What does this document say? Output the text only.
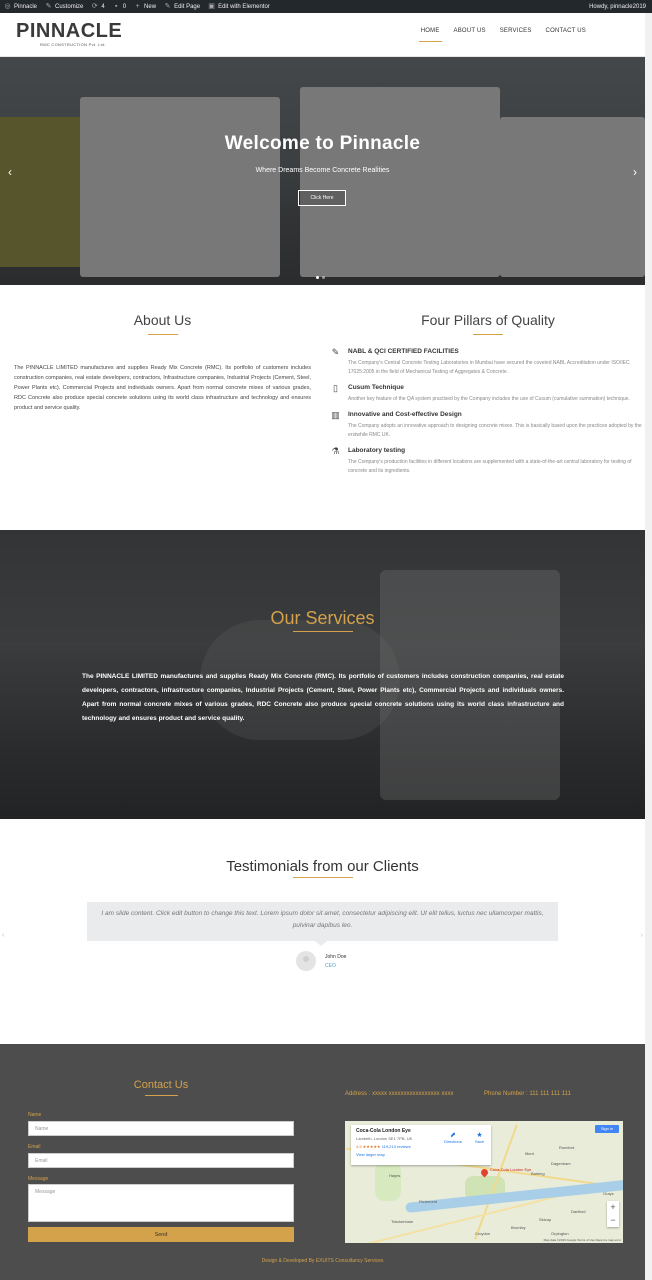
◎ Pinnacle ✎ Customize ⟳ 4	▪ 0 + New ✎ Edit Page ▣ Edit with Elementor	Howdy, pinnacle2019
PINNACLE
RMC CONSTRUCTION Pvt. Ltd.
HOME ABOUT US SERVICES CONTACT US
‹	›
Welcome to Pinnacle
Where Dreams Become Concrete Realities
Click Here
About Us
The PINNACLE LIMITED manufactures and supplies Ready Mix Concrete (RMC). Its portfolio of customers includes construction companies, real estate developers, contractors, Infrastructure companies, Industrial Projects (Cement, Steel, Power Plants etc), Commercial Projects and individuals owners. Apart from normal concrete mixes of various grades, RDC Concrete also produce special concrete solutions using its world class infrastructure and technology and ensures product and service quality.
Four Pillars of Quality
✎ NABL & QCI CERTIFIED FACILITIES
The Company's Central Concrete Testing Laboratories in Mumbai have secured the coveted NABL Accreditation under ISO/IEC 17025:2005 in the field of Mechanical Testing of Aggregates & Concrete.
▯	Cusum Technique
Another key feature of the QA system practised by the Company includes the use of Cusum (cumulative summation) technique.
▥ Innovative and Cost-effective Design
The Company adopts an innovative approach to designing concrete mixes. This is basically based upon the practices adopted by the erstwhile RMC UK.
⚗ Laboratory testing
The Company's production facilities in different locations are supplemented with a state-of-the-art central laboratory for testing of concrete and its ingredients.
Our Services
The PINNACLE LIMITED manufactures and supplies Ready Mix Concrete (RMC). Its portfolio of customers includes construction companies, real estate developers, contractors, infrastructure companies, Industrial Projects (Cement, Steel, Power Plants etc), Commercial Projects and individuals owners. Apart from normal concrete mixes of various grades, RDC Concrete also produce special concrete solutions using its world class infrastructure and technology and ensures product and service quality.
Testimonials from our Clients
‹	›
I am slide content. Click edit button to change this text. Lorem ipsum dolor sit amet, consectetur adipiscing elit. Ut elit tellus, luctus nec ullamcorper mattis, pulvinar dapibus leo.
John Doe
CEO
Contact Us
Name
Name
Email
Email
Message
Message
Send
Address : xxxxx xxxxxxxxxxxxxxxxx xxxx	Phone Number : 111 111 111 111
Hayes
Twickenham
Richmond
Croydon
Bromley
Romford
Dartford
Ilford
Sidcup
Orpington
Dagenham
Grays
Barking
Coca-Cola London Eye
Coca-Cola London Eye
Lambeth, London SE1 7PB, UK
4.5 ★★★★★ 119,213 reviews
View larger map
⬈
Directions
★
Save
Sign in
+
−
Map data ©2019 Google Terms of Use Report a map error
Design & Developed By EXUITS Consultancy Services
